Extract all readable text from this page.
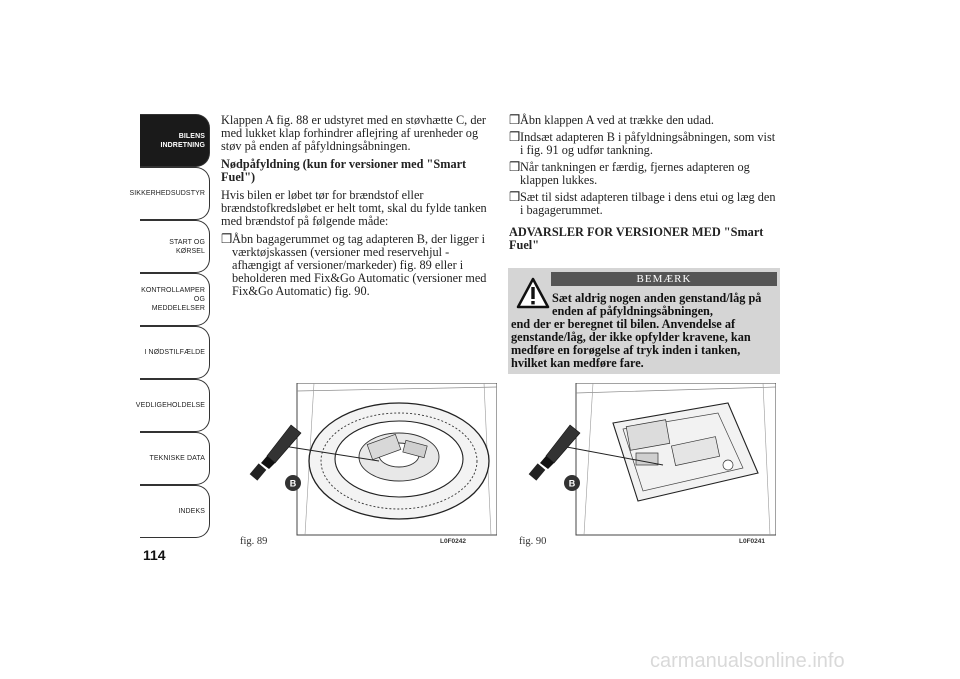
BILENS
INDRETNING
SIKKERHEDSUDSTYR
START OG KØRSEL
KONTROLLAMPER
OG MEDDELELSER
I NØDSTILFÆLDE
VEDLIGEHOLDELSE
TEKNISKE DATA
INDEKS
114

Klappen A fig. 88 er udstyret med en støvhætte C, der med lukket klap forhindrer aflejring af urenheder og støv på enden af påfyldningsåbningen.

Nødpåfyldning (kun for versioner med "Smart Fuel")

Hvis bilen er løbet tør for brændstof eller brændstofkredsløbet er helt tomt, skal du fylde tanken med brændstof på følgende måde:

❒ Åbn bagagerummet og tag adapteren B, der ligger i værktøjskassen (versioner med reservehjul - afhængigt af versioner/markeder) fig. 89 eller i beholderen med Fix&Go Automatic (versioner med Fix&Go Automatic) fig. 90.
❒ Åbn klappen A ved at trække den udad.
❒ Indsæt adapteren B i påfyldningsåbningen, som vist i fig. 91 og udfør tankning.
❒ Når tankningen er færdig, fjernes adapteren og klappen lukkes.
❒ Sæt til sidst adapteren tilbage i dens etui og læg den i bagagerummet.

ADVARSLER FOR VERSIONER MED "Smart Fuel"

BEMÆRK
Sæt aldrig nogen anden genstand/låg på enden af påfyldningsåbningen,
end der er beregnet til bilen. Anvendelse af genstande/låg, der ikke opfylder kravene, kan medføre en forøgelse af tryk inden i tanken, hvilket kan medføre fare.
B
fig. 89	L0F0242
B
fig. 90	L0F0241
carmanualsonline.info
